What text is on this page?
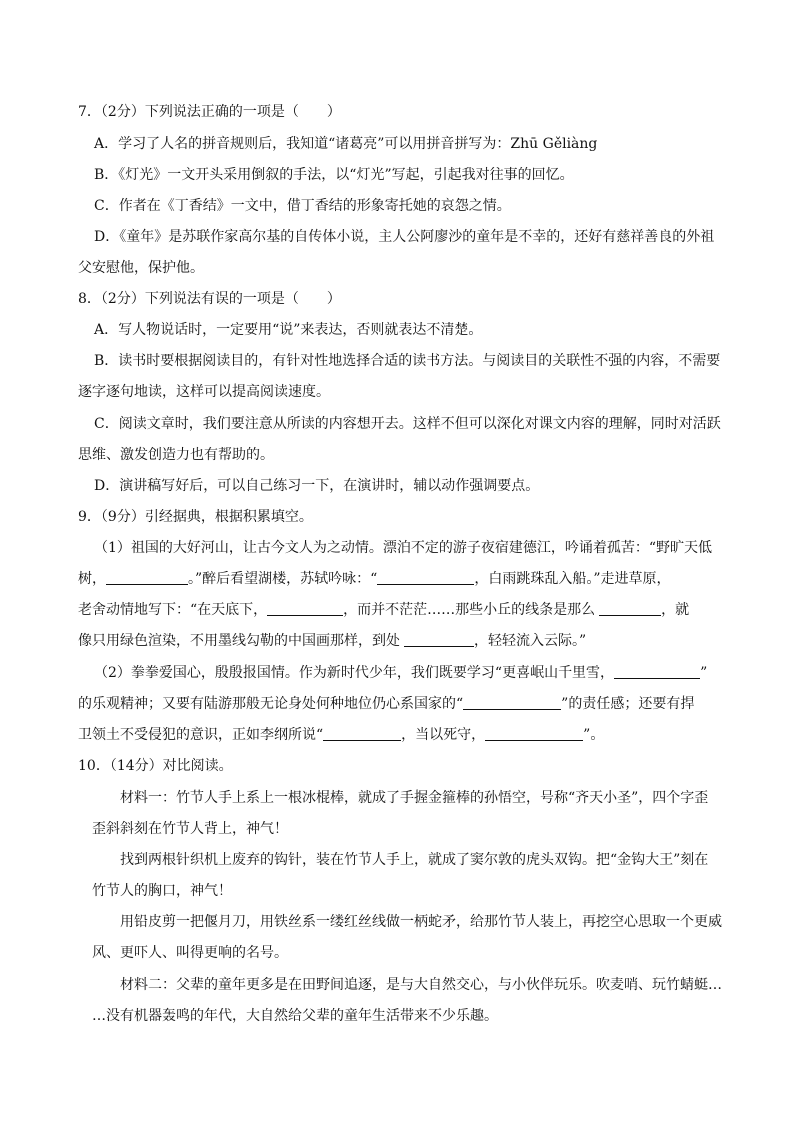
7．（2分）下列说法正确的一项是（　　）
A．学习了人名的拼音规则后，我知道“诸葛亮”可以用拼音拼写为：Zhū Gěliàng
B．《灯光》一文开头采用倒叙的手法，以“灯光”写起，引起我对往事的回忆。
C．作者在《丁香结》一文中，借丁香结的形象寄托她的哀怨之情。
D．《童年》是苏联作家高尔基的自传体小说，主人公阿廖沙的童年是不幸的，还好有慈祥善良的外祖
父安慰他，保护他。
8．（2分）下列说法有误的一项是（　　）
A．写人物说话时，一定要用“说”来表达，否则就表达不清楚。
B．读书时要根据阅读目的，有针对性地选择合适的读书方法。与阅读目的关联性不强的内容，不需要
逐字逐句地读，这样可以提高阅读速度。
C．阅读文章时，我们要注意从所读的内容想开去。这样不但可以深化对课文内容的理解，同时对活跃
思维、激发创造力也有帮助的。
D．演讲稿写好后，可以自己练习一下，在演讲时，辅以动作强调要点。
9．（9分）引经据典，根据积累填空。
（1）祖国的大好河山，让古今文人为之动情。漂泊不定的游子夜宿建德江，吟诵着孤苦：“野旷天低
树，	。”醉后看望湖楼，苏轼吟咏：“	，白雨跳珠乱入船。”走进草原，
老舍动情地写下：“在天底下，	，而并不茫茫……那些小丘的线条是那么	，就
像只用绿色渲染，不用墨线勾勒的中国画那样，到处	，轻轻流入云际。”
（2）拳拳爱国心，殷殷报国情。作为新时代少年，我们既要学习“更喜岷山千里雪，	”
的乐观精神；又要有陆游那般无论身处何种地位仍心系国家的“	”的责任感；还要有捍
卫领土不受侵犯的意识，正如李纲所说“	，当以死守，	”。
10．（14分）对比阅读。
材料一：竹节人手上系上一根冰棍棒，就成了手握金箍棒的孙悟空，号称“齐天小圣”，四个字歪
歪斜斜刻在竹节人背上，神气！
找到两根针织机上废弃的钩针，装在竹节人手上，就成了窦尔敦的虎头双钩。把“金钩大王”刻在
竹节人的胸口，神气！
用铅皮剪一把偃月刀，用铁丝系一缕红丝线做一柄蛇矛，给那竹节人装上，再挖空心思取一个更威
风、更吓人、叫得更响的名号。
材料二：父辈的童年更多是在田野间追逐，是与大自然交心，与小伙伴玩乐。吹麦哨、玩竹蜻蜓…
…没有机器轰鸣的年代，大自然给父辈的童年生活带来不少乐趣。
